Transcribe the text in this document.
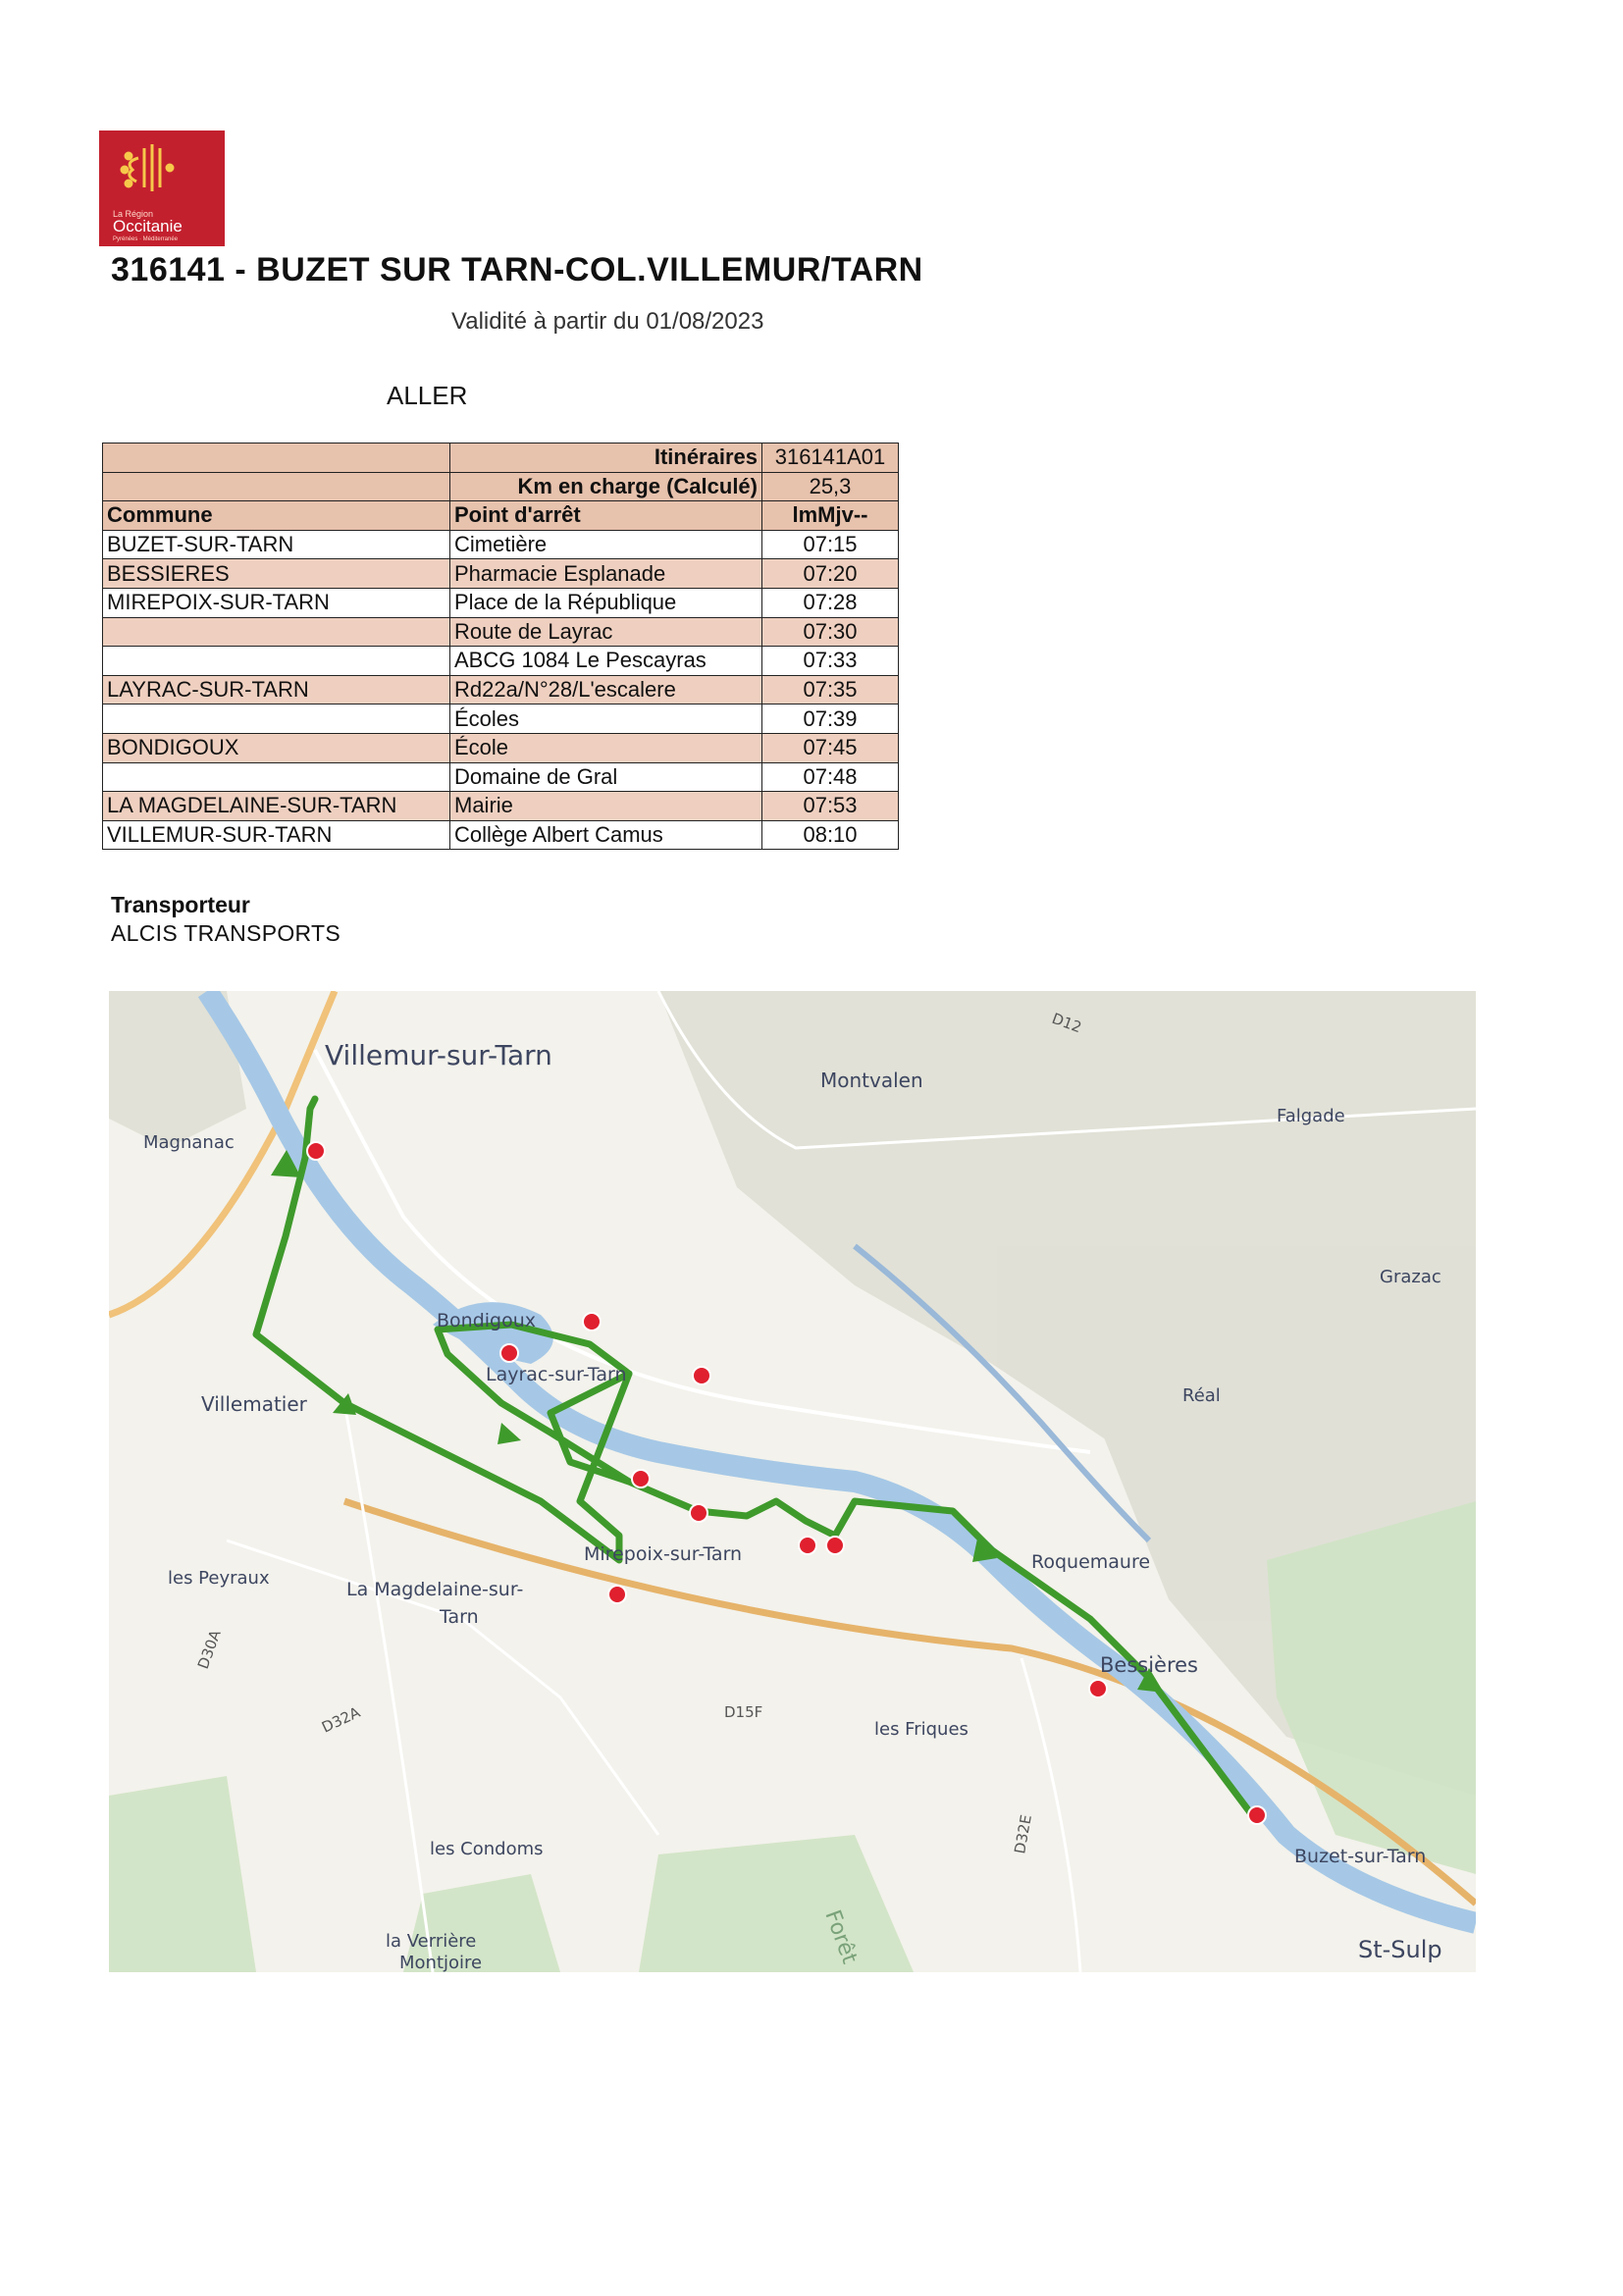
La Région
Occitanie
Pyrénées · Méditerranée
316141 - BUZET SUR TARN-COL.VILLEMUR/TARN
Validité à partir du 01/08/2023
ALLER
	Itinéraires	316141A01
	Km en charge (Calculé)	25,3
Commune	Point d'arrêt	lmMjv--
BUZET-SUR-TARN	Cimetière	07:15
BESSIERES	Pharmacie Esplanade	07:20
MIREPOIX-SUR-TARN	Place de la République	07:28
	Route de Layrac	07:30
	ABCG 1084 Le Pescayras	07:33
LAYRAC-SUR-TARN	Rd22a/N°28/L'escalere	07:35
	Écoles	07:39
BONDIGOUX	École	07:45
	Domaine de Gral	07:48
LA MAGDELAINE-SUR-TARN	Mairie	07:53
VILLEMUR-SUR-TARN	Collège Albert Camus	08:10
Transporteur
ALCIS TRANSPORTS
Villemur-sur-Tarn
Montvalen
Falgade
Magnanac
Grazac
Bondigoux
Layrac-sur-Tarn
Villematier	Réal
Mirepoix-sur-Tarn	Roquemaure
les Peyraux
La Magdelaine-sur-
Tarn
Bessières
les Friques
les Condoms
la Verrière
Montjoire
Buzet-sur-Tarn
St-Sulp
D12
D15F
D32A
D30A
D32E
Forêt
